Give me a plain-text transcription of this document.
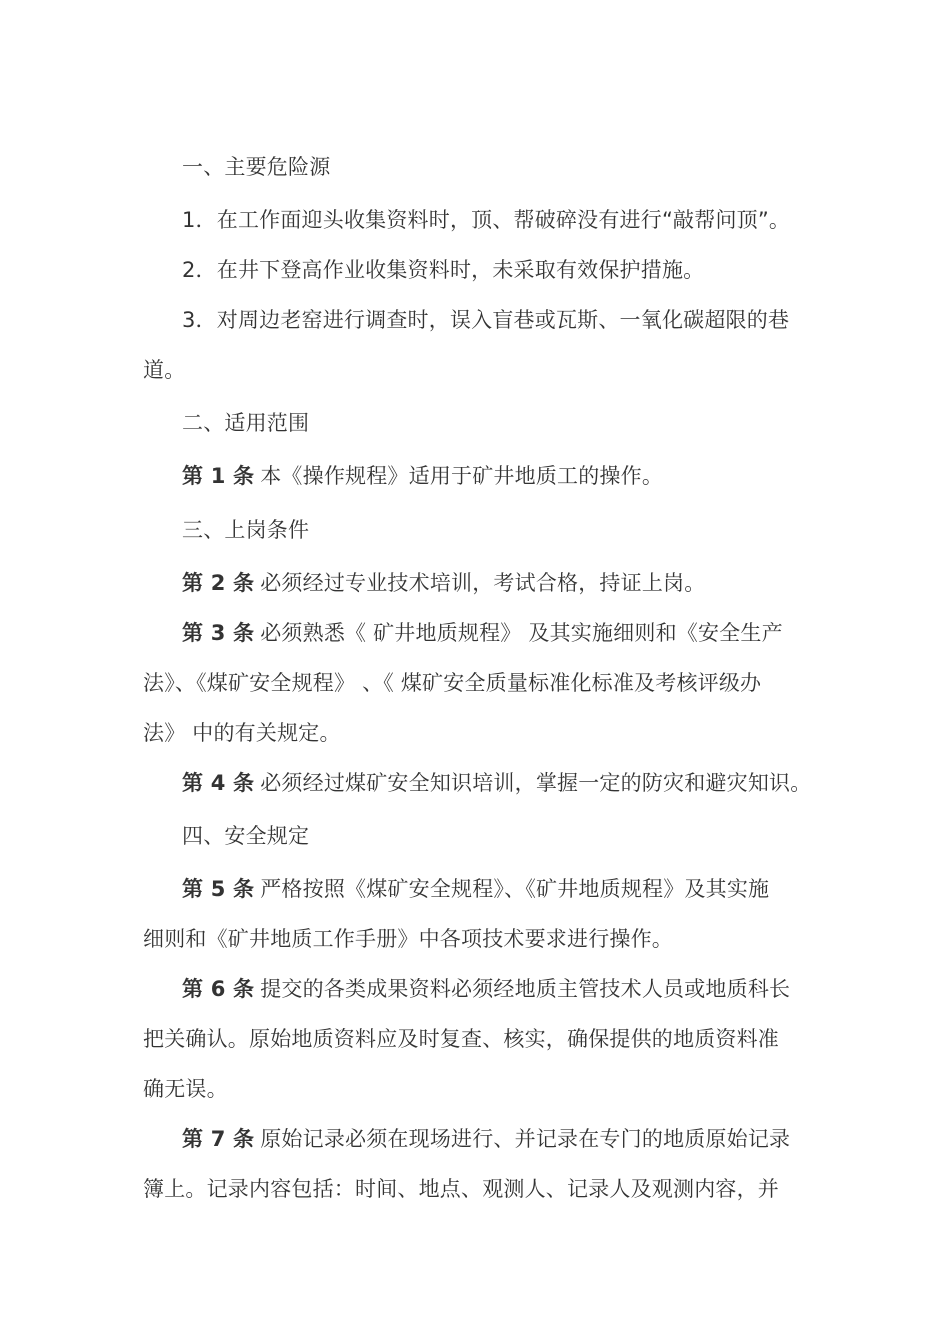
一、主要危险源
1．在工作面迎头收集资料时，顶、帮破碎没有进行“敲帮问顶”。
2．在井下登高作业收集资料时，未采取有效保护措施。
3．对周边老窑进行调查时，误入盲巷或瓦斯、一氧化碳超限的巷
道。
二、适用范围
第 1 条 本《操作规程》适用于矿井地质工的操作。
三、上岗条件
第 2 条 必须经过专业技术培训，考试合格，持证上岗。
第 3 条 必须熟悉《 矿井地质规程》 及其实施细则和《安全生产
法》、《煤矿安全规程》 、《 煤矿安全质量标准化标准及考核评级办
法》 中的有关规定。
第 4 条 必须经过煤矿安全知识培训，掌握一定的防灾和避灾知识。
四、安全规定
第 5 条 严格按照《煤矿安全规程》、《矿井地质规程》及其实施
细则和《矿井地质工作手册》中各项技术要求进行操作。
第 6 条 提交的各类成果资料必须经地质主管技术人员或地质科长
把关确认。原始地质资料应及时复查、核实，确保提供的地质资料准
确无误。
第 7 条 原始记录必须在现场进行、并记录在专门的地质原始记录
簿上。记录内容包括：时间、地点、观测人、记录人及观测内容，并
